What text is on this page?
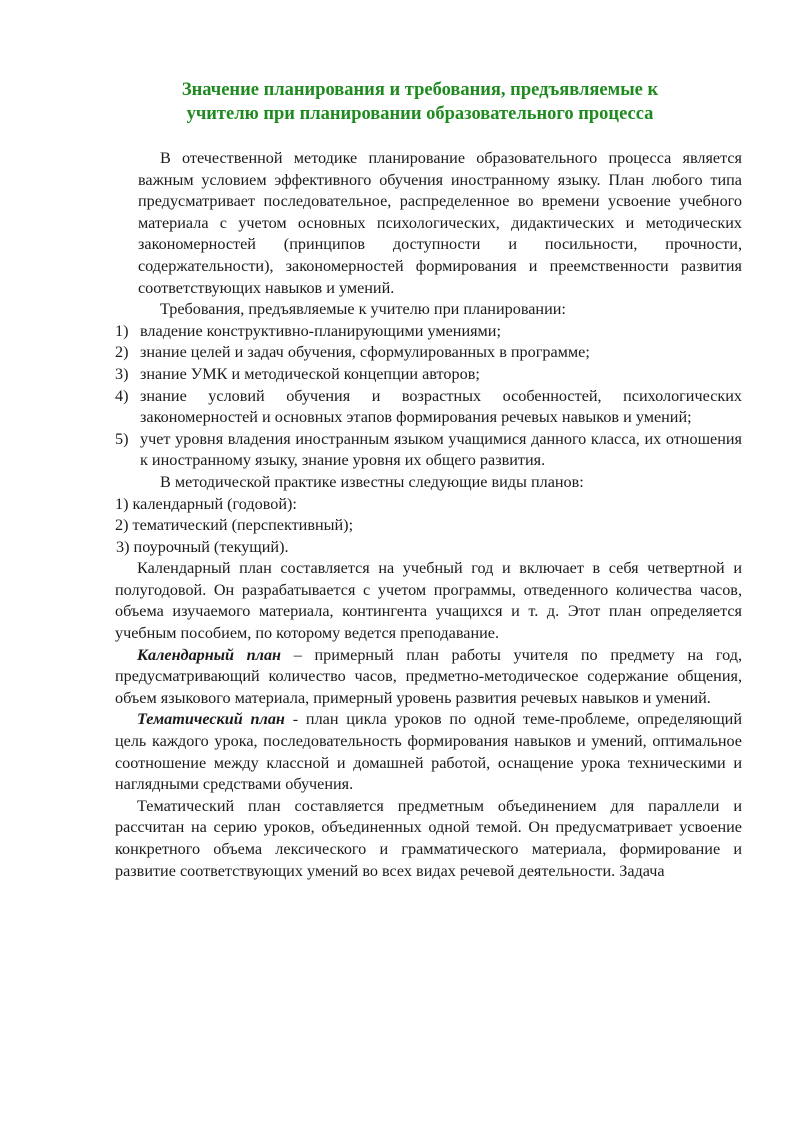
Значение планирования и требования, предъявляемые к
учителю при планировании образовательного процесса

В отечественной методике планирование образовательного процесса является важным условием эффективного обучения иностранному языку. План любого типа предусматривает последовательное, распределенное во времени усвоение учебного материала с учетом основных психологических, дидактических и методических закономерностей (принципов доступности и посильности, прочности, содержательности), закономерностей формирования и преемственности развития соответствующих навыков и умений.

Требования, предъявляемые к учителю при планировании:

1) владение конструктивно-планирующими умениями;
2) знание целей и задач обучения, сформулированных в программе;
3) знание УМК и методической концепции авторов;
4) знание условий обучения и возрастных особенностей, психологических закономерностей и основных этапов формирования речевых навыков и умений;
5) учет уровня владения иностранным языком учащимися данного класса, их отношения к иностранному языку, знание уровня их общего развития.

В методической практике известны следующие виды планов:

1) календарный (годовой):

2) тематический (перспективный);

3) поурочный (текущий).

Календарный план составляется на учебный год и включает в себя четвертной и полугодовой. Он разрабатывается с учетом программы, отведенного количества часов, объема изучаемого материала, контингента учащихся и т. д. Этот план определяется учебным пособием, по которому ведется преподавание.

Календарный план – примерный план работы учителя по предмету на год, предусматривающий количество часов, предметно-методическое содержание общения, объем языкового материала, примерный уровень развития речевых навыков и умений.

Тематический план - план цикла уроков по одной теме-проблеме, определяющий цель каждого урока, последовательность формирования навыков и умений, оптимальное соотношение между классной и домашней работой, оснащение урока техническими и наглядными средствами обучения.

Тематический план составляется предметным объединением для параллели и рассчитан на серию уроков, объединенных одной темой. Он предусматривает усвоение конкретного объема лексического и грамматического материала, формирование и развитие соответствующих умений во всех видах речевой деятельности. Задача
